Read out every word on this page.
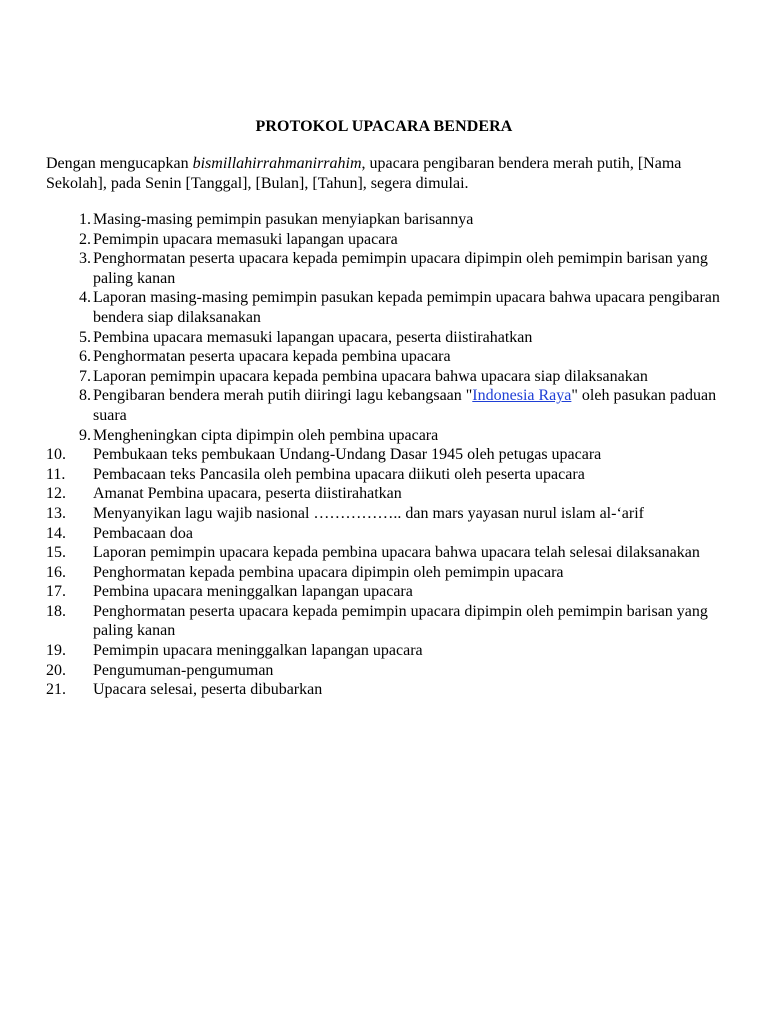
PROTOKOL UPACARA BENDERA
Dengan mengucapkan bismillahirrahmanirrahim, upacara pengibaran bendera merah putih, [Nama Sekolah], pada Senin [Tanggal], [Bulan], [Tahun], segera dimulai.
1. Masing-masing pemimpin pasukan menyiapkan barisannya
2. Pemimpin upacara memasuki lapangan upacara
3. Penghormatan peserta upacara kepada pemimpin upacara dipimpin oleh pemimpin barisan yang paling kanan
4. Laporan masing-masing pemimpin pasukan kepada pemimpin upacara bahwa upacara pengibaran bendera siap dilaksanakan
5. Pembina upacara memasuki lapangan upacara, peserta diistirahatkan
6. Penghormatan peserta upacara kepada pembina upacara
7. Laporan pemimpin upacara kepada pembina upacara bahwa upacara siap dilaksanakan
8. Pengibaran bendera merah putih diiringi lagu kebangsaan "Indonesia Raya" oleh pasukan paduan suara
9. Mengheningkan cipta dipimpin oleh pembina upacara
10.	Pembukaan teks pembukaan Undang-Undang Dasar 1945 oleh petugas upacara
11.	Pembacaan teks Pancasila oleh pembina upacara diikuti oleh peserta upacara
12.	Amanat Pembina upacara, peserta diistirahatkan
13.	Menyanyikan lagu wajib nasional …………….. dan mars yayasan nurul islam al-‘arif
14.	Pembacaan doa
15.	Laporan pemimpin upacara kepada pembina upacara bahwa upacara telah selesai dilaksanakan
16.	Penghormatan kepada pembina upacara dipimpin oleh pemimpin upacara
17.	Pembina upacara meninggalkan lapangan upacara
18.	Penghormatan peserta upacara kepada pemimpin upacara dipimpin oleh pemimpin barisan yang paling kanan
19.	Pemimpin upacara meninggalkan lapangan upacara
20.	Pengumuman-pengumuman
21.	Upacara selesai, peserta dibubarkan
